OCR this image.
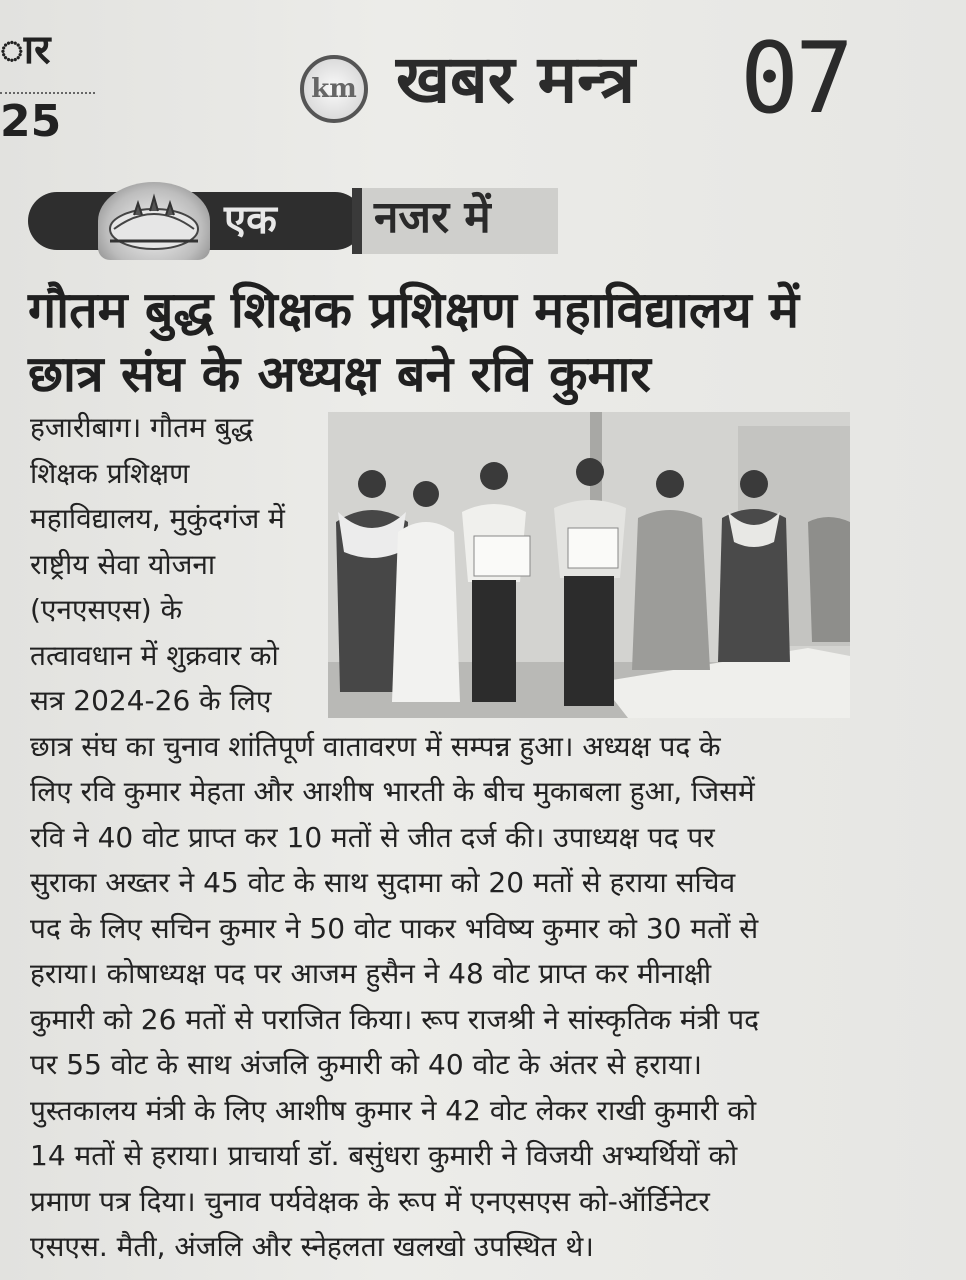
ार
25
km खबर मन्त्र 07
एक नजर में
गौतम बुद्ध शिक्षक प्रशिक्षण महाविद्यालय में
छात्र संघ के अध्यक्ष बने रवि कुमार
हजारीबाग। गौतम बुद्ध
शिक्षक प्रशिक्षण
महाविद्यालय, मुकुंदगंज में
राष्ट्रीय सेवा योजना
(एनएसएस) के
तत्वावधान में शुक्रवार को
सत्र 2024-26 के लिए
छात्र संघ का चुनाव शांतिपूर्ण वातावरण में सम्पन्न हुआ। अध्यक्ष पद के
लिए रवि कुमार मेहता और आशीष भारती के बीच मुकाबला हुआ, जिसमें
रवि ने 40 वोट प्राप्त कर 10 मतों से जीत दर्ज की। उपाध्यक्ष पद पर
सुराका अख्तर ने 45 वोट के साथ सुदामा को 20 मतों से हराया सचिव
पद के लिए सचिन कुमार ने 50 वोट पाकर भविष्य कुमार को 30 मतों से
हराया। कोषाध्यक्ष पद पर आजम हुसैन ने 48 वोट प्राप्त कर मीनाक्षी
कुमारी को 26 मतों से पराजित किया। रूप राजश्री ने सांस्कृतिक मंत्री पद
पर 55 वोट के साथ अंजलि कुमारी को 40 वोट के अंतर से हराया।
पुस्तकालय मंत्री के लिए आशीष कुमार ने 42 वोट लेकर राखी कुमारी को
14 मतों से हराया। प्राचार्या डॉ. बसुंधरा कुमारी ने विजयी अभ्यर्थियों को
प्रमाण पत्र दिया। चुनाव पर्यवेक्षक के रूप में एनएसएस को-ऑर्डिनेटर
एसएस. मैती, अंजलि और स्नेहलता खलखो उपस्थित थे।
